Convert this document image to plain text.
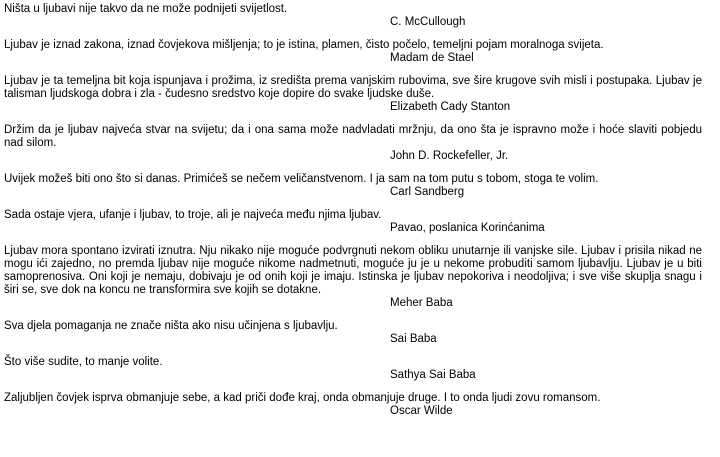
Ništa u ljubavi nije takvo da ne može podnijeti svijetlost.
C. McCullough
Ljubav je iznad zakona, iznad čovjekova mišljenja; to je istina, plamen, čisto počelo, temeljni pojam moralnoga svijeta.
Madam de Stael
Ljubav je ta temeljna bit koja ispunjava i prožima, iz središta prema vanjskim rubovima, sve šire krugove svih misli i postupaka. Ljubav je talisman ljudskoga dobra i zla - čudesno sredstvo koje dopire do svake ljudske duše.
Elizabeth Cady Stanton
Držim da je ljubav najveća stvar na svijetu; da i ona sama može nadvladati mržnju, da ono šta je ispravno može i hoće slaviti pobjedu nad silom.
John D. Rockefeller, Jr.
Uvijek možeš biti ono što si danas. Primićeš se nečem veličanstvenom. I ja sam na tom putu s tobom, stoga te volim.
Carl Sandberg
Sada ostaje vjera, ufanje i ljubav, to troje, ali je najveća među njima ljubav.
Pavao, poslanica Korinćanima
Ljubav mora spontano izvirati iznutra. Nju nikako nije moguće podvrgnuti nekom obliku unutarnje ili vanjske sile. Ljubav i prisila nikad ne mogu ići zajedno, no premda ljubav nije moguće nikome nadmetnuti, moguće ju je u nekome probuditi samom ljubavlju. Ljubav je u biti samoprenosiva. Oni koji je nemaju, dobivaju je od onih koji je imaju. Istinska je ljubav nepokoriva i neodoljiva; i sve više skuplja snagu i širi se, sve dok na koncu ne transformira sve kojih se dotakne.
Meher Baba
Sva djela pomaganja ne znače ništa ako nisu učinjena s ljubavlju.
Sai Baba
Što više sudite, to manje volite.
Sathya Sai Baba
Zaljubljen čovjek isprva obmanjuje sebe, a kad priči dođe kraj, onda obmanjuje druge. I to onda ljudi zovu romansom.
Oscar Wilde
